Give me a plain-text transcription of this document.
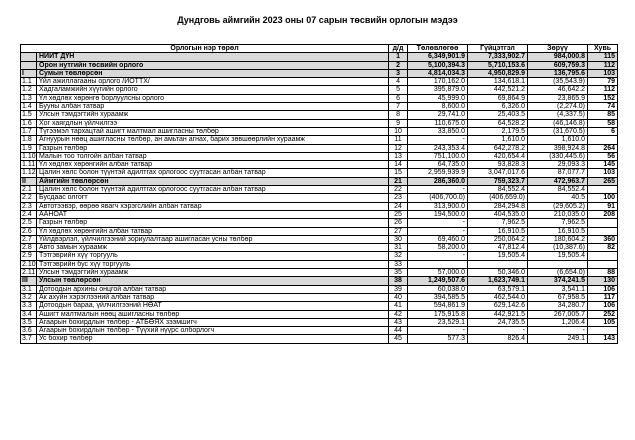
Дундговь аймгийн 2023 оны 07 сарын төсвийн орлогын мэдээ
Орлогын нэр төрөл		д/д	Төлөвлөгөө	Гүйцэтгэл	Зөрүү	Хувь
	НИЙТ ДҮН	1	6,349,901.9	7,333,902.7	984,000.8	115
	Орон нутгийн төсвийн орлого	2	5,100,394.3	5,710,153.6	609,759.3	112
I	Сумын төвлөрсөн	3	4,814,034.3	4,950,829.9	136,795.6	103
1.1	Үйл ажиллагааны орлого /ИОТТХ/	4	170,162.0	134,618.1	(35,543.9)	79
1.2	Хадгаламжийн хүүгийн орлого	5	395,879.0	442,521.2	46,642.2	112
1.3	Үл хөдлөх хөрөнгө борлуулсны орлого	6	45,999.0	69,864.9	23,865.9	152
1.4	Бууны албан татвар	7	8,600.0	6,326.0	(2,274.0)	74
1.5	Улсын тэмдэгтийн хураамж	8	29,741.0	25,403.5	(4,337.5)	85
1.6	Хог хаягдлын үйлчилгээ	9	110,675.0	64,528.2	(46,146.8)	58
1.7	Түгээмэл тархацтай ашигт малтмал ашигласны төлбөр	10	33,850.0	2,179.5	(31,670.5)	6
1.8	Агнуурын нөөц ашигласны төлбөр, ан амьтан агнах, барих зөвшөөрлийн хураамж	11	-	1,610.0	1,610.0	
1.9	Газрын төлбөр	12	243,353.4	642,278.2	398,924.8	264
1.10	Малын тоо толгойн албан татвар	13	751,100.0	420,654.4	(330,445.6)	56
1.11	Үл хөдлөх хөрөнгийн албан татвар	14	64,735.0	93,828.3	29,093.3	145
1.12	Цалин хөлс болон түүнтэй адилтгах орлогоос суутгасан албан татвар	15	2,959,939.9	3,047,017.6	87,077.7	103
II	Аймгийн төвлөрсөн	21	286,360.0	759,323.7	472,963.7	265
2.1	Цалин хөлс болон түүнтэй адилтгах орлогоос суутгасан албан татвар	22	-	84,552.4	84,552.4	
2.2	Бусдаас олгогт	23	(406,700.0)	(406,659.0)	40.5	100
2.3	Автотээвэр, өөрөө явагч хэрэгслийн албан татвар	24	313,900.0	284,294.8	(29,605.2)	91
2.4	ААНОАТ	25	194,500.0	404,535.0	210,035.0	208
2.5	Газрын төлбөр	26	-	7,962.5	7,962.5	
2.6	Үл хөдлөх хөрөнгийн албан татвар	27	-	16,910.5	16,910.5	
2.7	Үйлдвэрлэл, үйлчилгээний зориулалтаар ашигласан усны төлбөр	30	69,460.0	250,064.2	180,604.2	360
2.8	Авто замын хураамж	31	58,200.0	47,812.4	(10,387.6)	82
2.9	Тэтгэврийн хүү торгууль	32	-	19,505.4	19,505.4	
2.10	Тэтгэврийн бус хүү торгууль	33				
2.11	Улсын тэмдэгтийн хураамж	35	57,000.0	50,346.0	(6,654.0)	88
III	Улсын төвлөрсөн	38	1,249,507.6	1,623,749.1	374,241.5	130
3.1	Дотоодын архины онцгой албан татвар	39	60,038.0	63,579.1	3,541.1	106
3.2	Ак ахуйн хэрэглээний албан татвар	40	394,585.5	462,544.0	67,958.5	117
3.3	Дотоодын бараа, үйлчилгээний НӨАТ	41	594,861.9	629,142.6	34,280.7	106
3.4	Ашигт малтмалын нөөц ашигласны төлбөр	42	175,915.8	442,921.5	267,005.7	252
3.5	Агаарын бохирдлын төлбөр - АТБӨЯХ зээмшигч	43	23,529.1	24,735.5	1,206.4	105
3.6	Агаарын бохирдлын төлбөр - Түүхий нүүрс олборлогч	44	-	-	-	
3.7	Ус бохир төлбөр	45	577.3	826.4	249.1	143
